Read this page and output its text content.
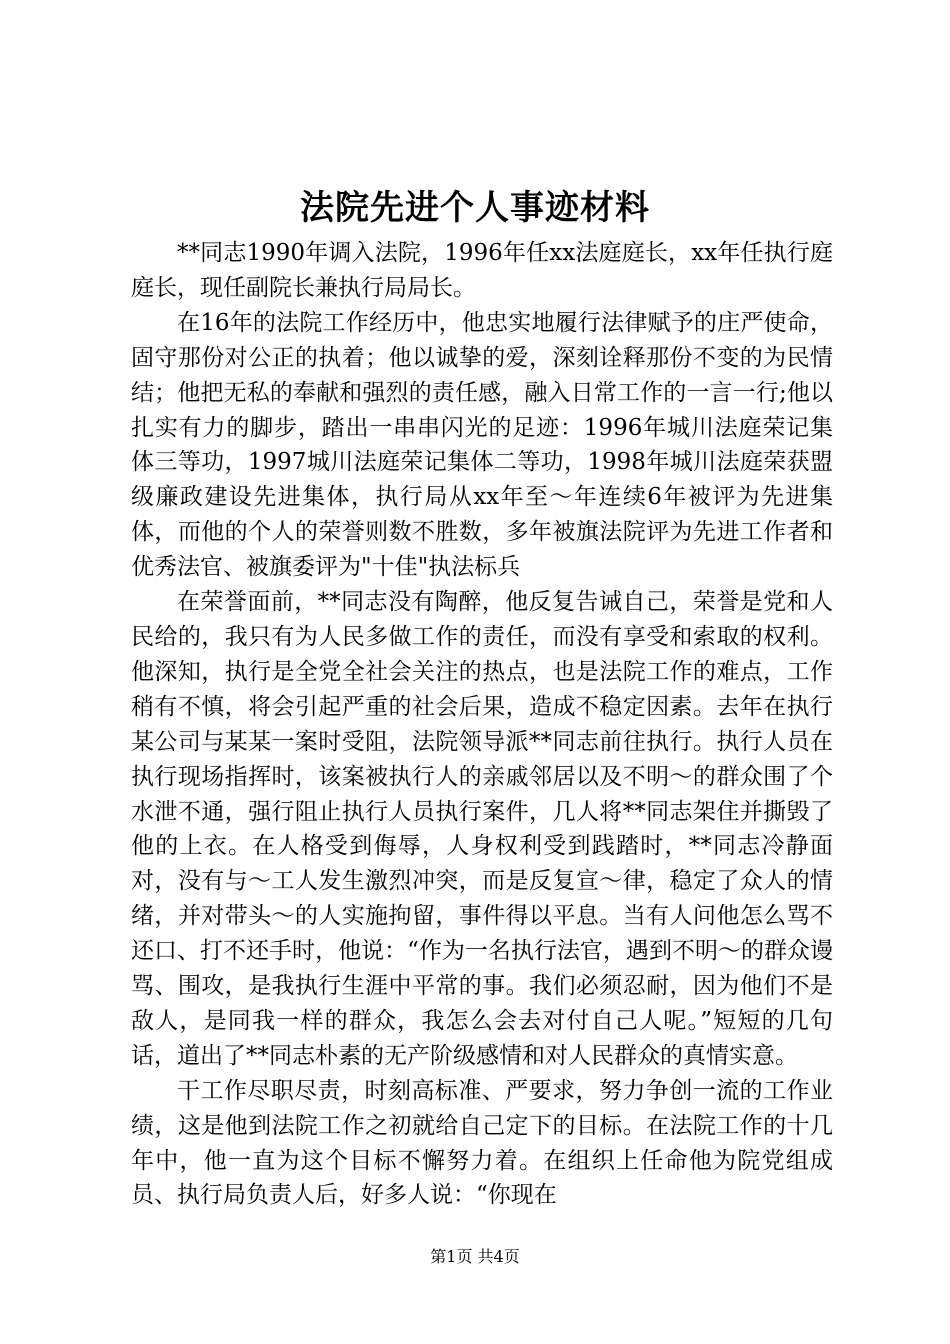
法院先进个人事迹材料

**同志1990年调入法院，1996年任xx法庭庭长，xx年任执行庭庭长，现任副院长兼执行局局长。

在16年的法院工作经历中，他忠实地履行法律赋予的庄严使命，固守那份对公正的执着；他以诚挚的爱，深刻诠释那份不变的为民情结；他把无私的奉献和强烈的责任感，融入日常工作的一言一行;他以扎实有力的脚步，踏出一串串闪光的足迹：1996年城川法庭荣记集体三等功，1997城川法庭荣记集体二等功，1998年城川法庭荣获盟级廉政建设先进集体，执行局从xx年至～年连续6年被评为先进集体，而他的个人的荣誉则数不胜数，多年被旗法院评为先进工作者和优秀法官、被旗委评为"十佳"执法标兵

在荣誉面前，**同志没有陶醉，他反复告诫自己，荣誉是党和人民给的，我只有为人民多做工作的责任，而没有享受和索取的权利。他深知，执行是全党全社会关注的热点，也是法院工作的难点，工作稍有不慎，将会引起严重的社会后果，造成不稳定因素。去年在执行某公司与某某一案时受阻，法院领导派**同志前往执行。执行人员在执行现场指挥时，该案被执行人的亲戚邻居以及不明～的群众围了个水泄不通，强行阻止执行人员执行案件，几人将**同志架住并撕毁了他的上衣。在人格受到侮辱，人身权利受到践踏时，**同志冷静面对，没有与～工人发生激烈冲突，而是反复宣～律，稳定了众人的情绪，并对带头～的人实施拘留，事件得以平息。当有人问他怎么骂不还口、打不还手时，他说：“作为一名执行法官，遇到不明～的群众谩骂、围攻，是我执行生涯中平常的事。我们必须忍耐，因为他们不是敌人，是同我一样的群众，我怎么会去对付自己人呢。”短短的几句话，道出了**同志朴素的无产阶级感情和对人民群众的真情实意。

干工作尽职尽责，时刻高标准、严要求，努力争创一流的工作业绩，这是他到法院工作之初就给自己定下的目标。在法院工作的十几年中，他一直为这个目标不懈努力着。在组织上任命他为院党组成员、执行局负责人后，好多人说：“你现在

第1页 共4页
